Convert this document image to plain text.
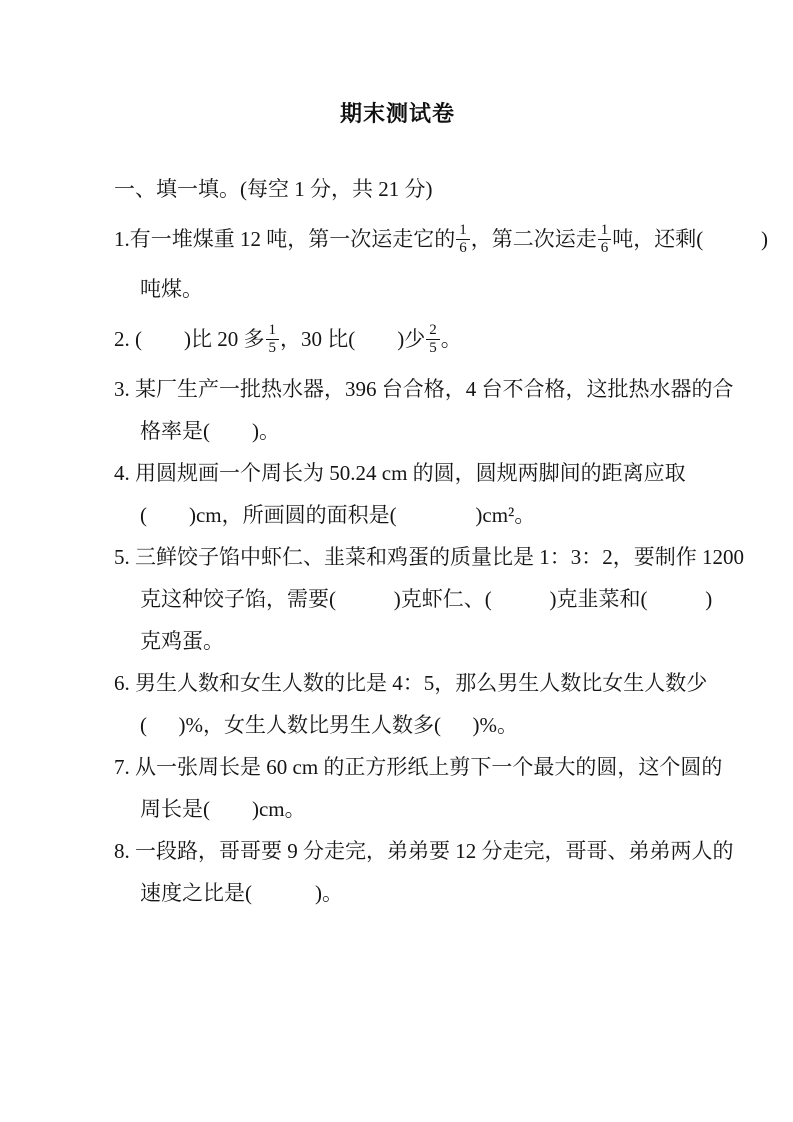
期末测试卷
一、填一填。(每空 1 分，共 21 分)
1.有一堆煤重 12 吨，第一次运走它的 $\frac{1}{6}$ ，第二次运走 $\frac{1}{6}$ 吨，还剩(           )
吨煤。
2. (        )比 20 多 $\frac{1}{5}$ ，30 比(        )少 $\frac{2}{5}$ 。
3. 某厂生产一批热水器，396 台合格，4 台不合格，这批热水器的合
格率是(        )。
4. 用圆规画一个周长为 50.24 cm 的圆，圆规两脚间的距离应取
(        )cm，所画圆的面积是(               )cm²。
5. 三鲜饺子馅中虾仁、韭菜和鸡蛋的质量比是 1：3：2，要制作 1200
克这种饺子馅，需要(           )克虾仁、(           )克韭菜和(           )
克鸡蛋。
6. 男生人数和女生人数的比是 4：5，那么男生人数比女生人数少
(      )%，女生人数比男生人数多(      )%。
7. 从一张周长是 60 cm 的正方形纸上剪下一个最大的圆，这个圆的
周长是(        )cm。
8. 一段路，哥哥要 9 分走完，弟弟要 12 分走完，哥哥、弟弟两人的
速度之比是(            )。
